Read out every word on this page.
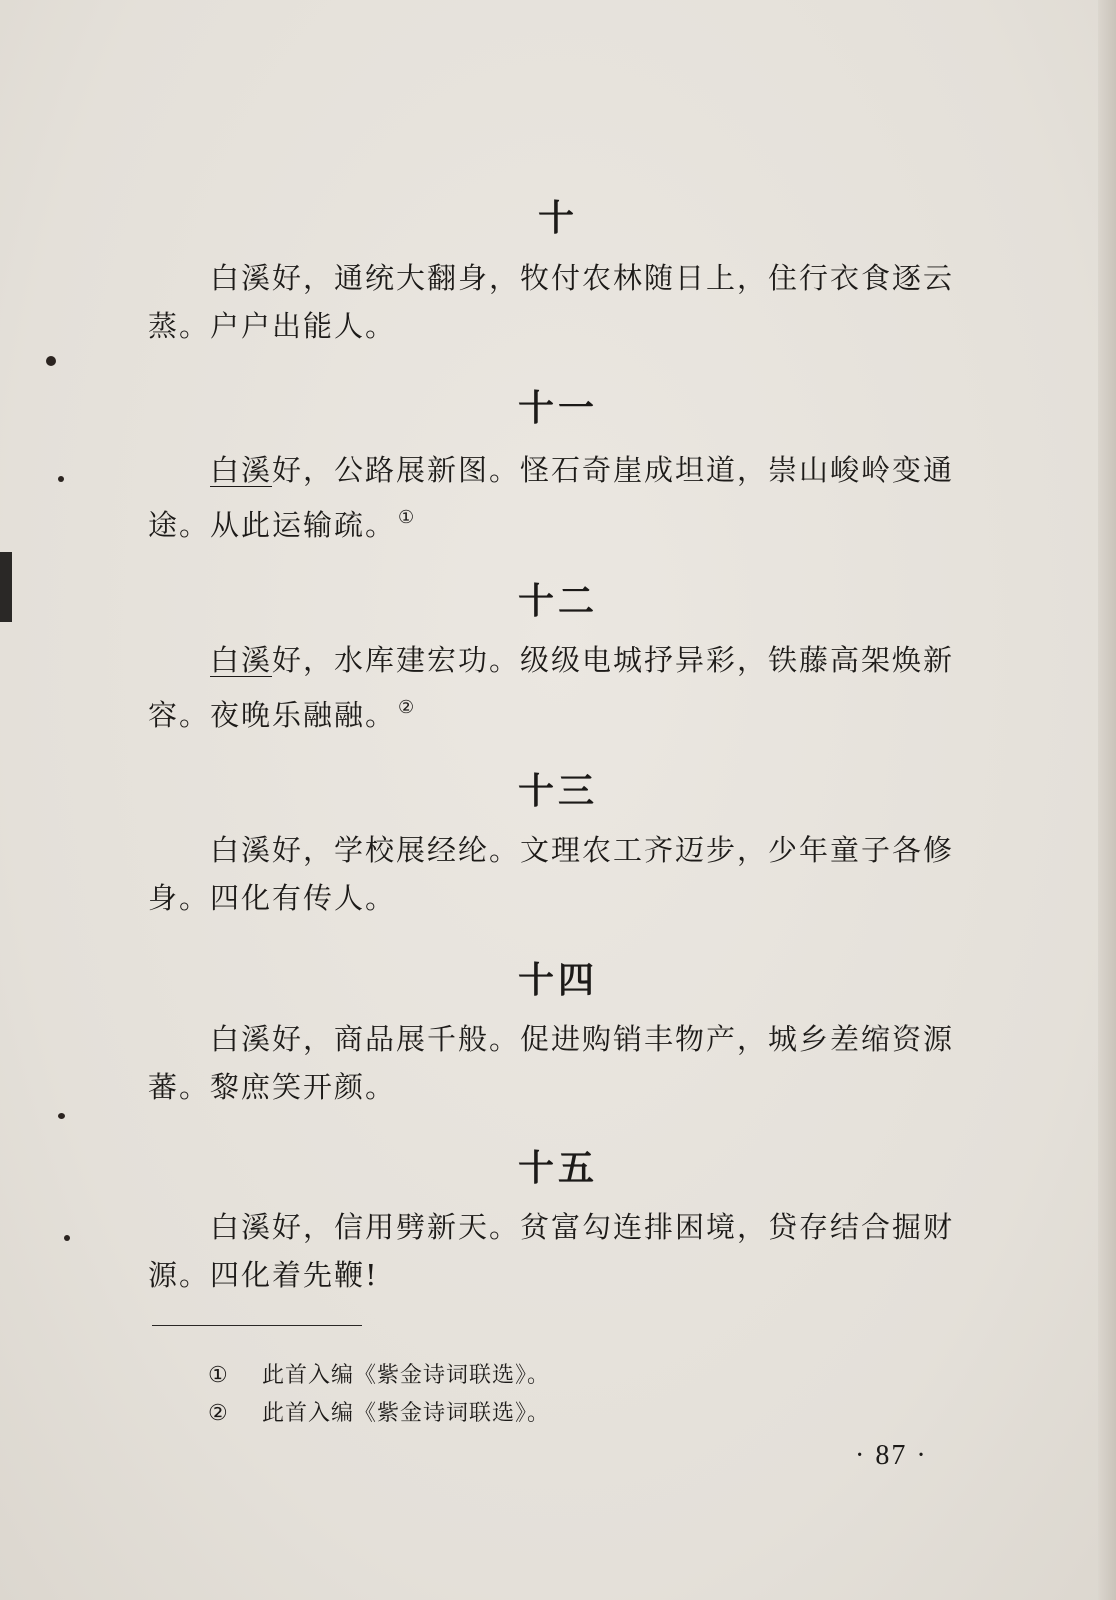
十

白溪好，通统大翻身，牧付农林随日上，住行衣食逐云蒸。户户出能人。

十一

白溪好，公路展新图。怪石奇崖成坦道，崇山峻岭变通途。从此运输疏。 ①

十二

白溪好，水库建宏功。级级电城抒异彩，铁藤高架焕新容。夜晚乐融融。 ②

十三

白溪好，学校展经纶。文理农工齐迈步，少年童子各修身。四化有传人。

十四

白溪好，商品展千般。促进购销丰物产，城乡差缩资源蕃。黎庶笑开颜。

十五

白溪好，信用劈新天。贫富勾连排困境，贷存结合掘财源。四化着先鞭!

① 此首入编《紫金诗词联选》。

② 此首入编《紫金诗词联选》。

· 87 ·
